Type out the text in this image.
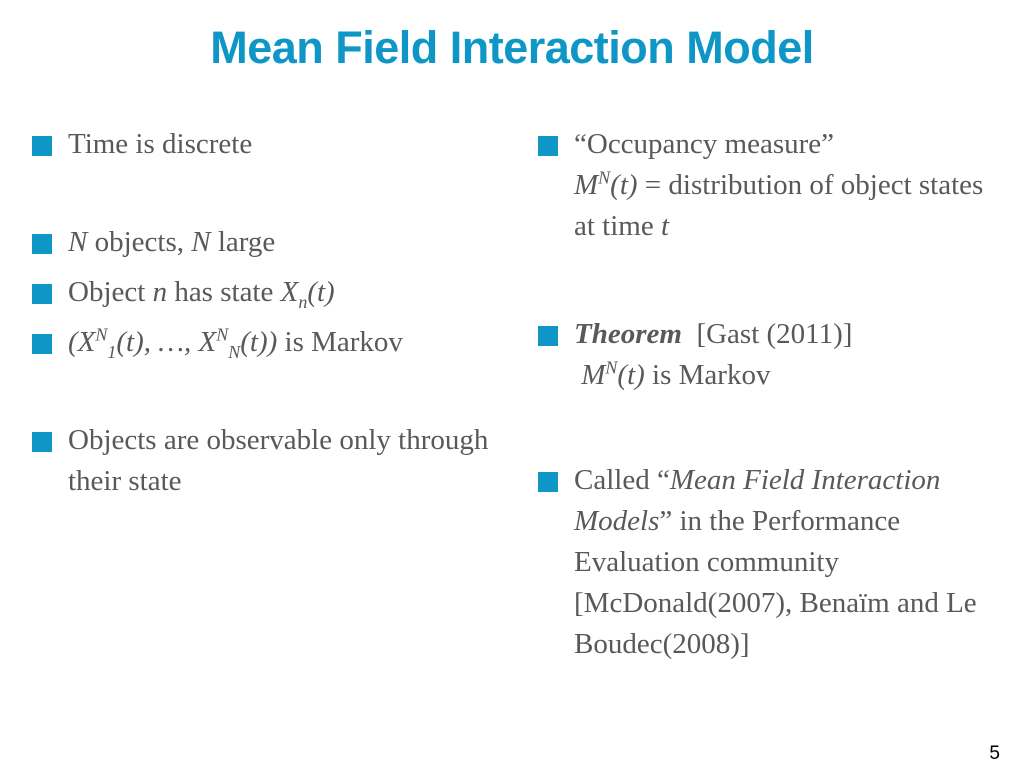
Mean Field Interaction Model
Time is discrete
N objects, N large
Object n has state $X_n(t)$
($X^N_1(t)$, …, $X^N_N(t)$) is Markov
Objects are observable only through their state
“Occupancy measure”
$M^N(t)$ = distribution of object states at time t
Theorem [Gast (2011)]
$M^N(t)$ is Markov
Called “Mean Field Interaction Models” in the Performance Evaluation community [McDonald(2007), Benaïm and Le Boudec(2008)]
5
